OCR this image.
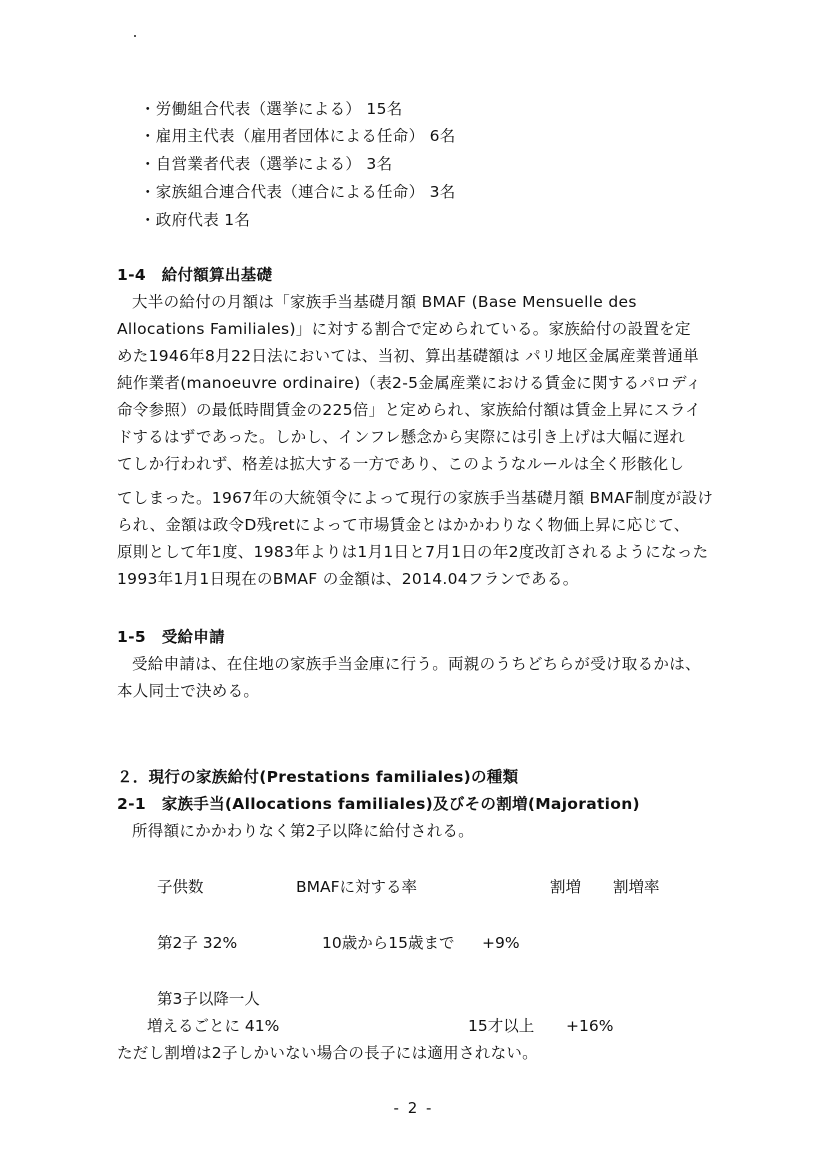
・労働組合代表（選挙による） 15名
・雇用主代表（雇用者団体による任命） 6名
・自営業者代表（選挙による） 3名
・家族組合連合代表（連合による任命） 3名
・政府代表 1名
1-4　給付額算出基礎
大半の給付の月額は「家族手当基礎月額 BMAF (Base Mensuelle des
Allocations Familiales)」に対する割合で定められている。家族給付の設置を定
めた1946年8月22日法においては、当初、算出基礎額は パリ地区金属産業普通単
純作業者(manoeuvre ordinaire)（表2-5金属産業における賃金に関するパロディ
命令参照）の最低時間賃金の225倍」と定められ、家族給付額は賃金上昇にスライ
ドするはずであった。しかし、インフレ懸念から実際には引き上げは大幅に遅れ
てしか行われず、格差は拡大する一方であり、このようなルールは全く形骸化し
てしまった。1967年の大統領令によって現行の家族手当基礎月額 BMAF制度が設け
られ、金額は政令D残retによって市場賃金とはかかわりなく物価上昇に応じて、
原則として年1度、1983年よりは1月1日と7月1日の年2度改訂されるようになった
1993年1月1日現在のBMAF の金額は、2014.04フランである。
1-5　受給申請
受給申請は、在住地の家族手当金庫に行う。両親のうちどちらが受け取るかは、
本人同士で決める。
２．現行の家族給付(Prestations familiales)の種類
2-1　家族手当(Allocations familiales)及びその割増(Majoration)
所得額にかかわりなく第2子以降に給付される。
子供数	BMAFに対する率	割増 割増率
第2子 32%	10歳から15歳まで +9%
第3子以降一人
増えるごとに 41%	15才以上 +16%
ただし割増は2子しかいない場合の長子には適用されない。
- 2 -
